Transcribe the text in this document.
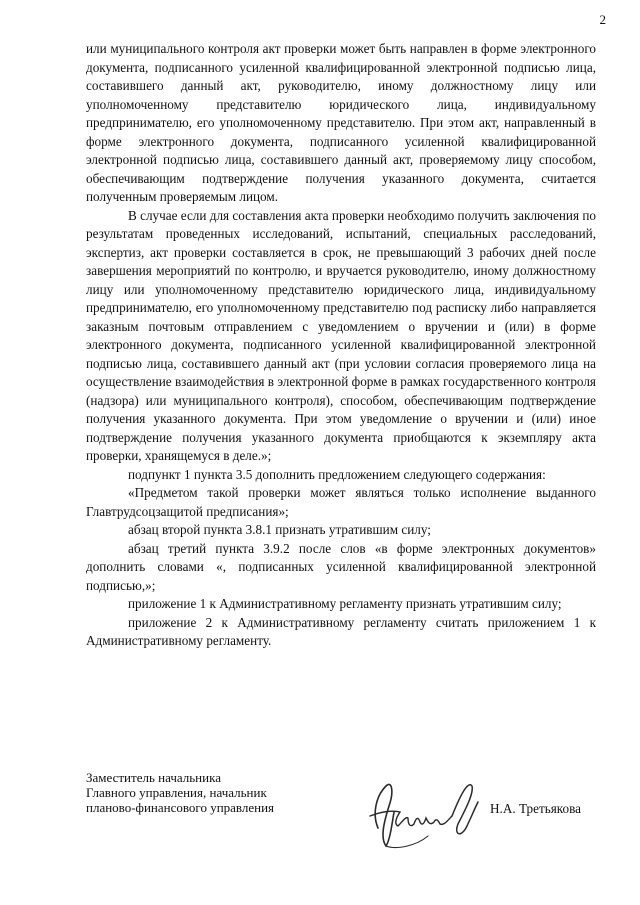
2

или муниципального контроля акт проверки может быть направлен в форме электронного документа, подписанного усиленной квалифицированной электронной подписью лица, составившего данный акт, руководителю, иному должностному лицу или уполномоченному представителю юридического лица, индивидуальному предпринимателю, его уполномоченному представителю. При этом акт, направленный в форме электронного документа, подписанного усиленной квалифицированной электронной подписью лица, составившего данный акт, проверяемому лицу способом, обеспечивающим подтверждение получения указанного документа, считается полученным проверяемым лицом.

В случае если для составления акта проверки необходимо получить заключения по результатам проведенных исследований, испытаний, специальных расследований, экспертиз, акт проверки составляется в срок, не превышающий 3 рабочих дней после завершения мероприятий по контролю, и вручается руководителю, иному должностному лицу или уполномоченному представителю юридического лица, индивидуальному предпринимателю, его уполномоченному представителю под расписку либо направляется заказным почтовым отправлением с уведомлением о вручении и (или) в форме электронного документа, подписанного усиленной квалифицированной электронной подписью лица, составившего данный акт (при условии согласия проверяемого лица на осуществление взаимодействия в электронной форме в рамках государственного контроля (надзора) или муниципального контроля), способом, обеспечивающим подтверждение получения указанного документа. При этом уведомление о вручении и (или) иное подтверждение получения указанного документа приобщаются к экземпляру акта проверки, хранящемуся в деле.»;

подпункт 1 пункта 3.5 дополнить предложением следующего содержания:

«Предметом такой проверки может являться только исполнение выданного Главтрудсоцзащитой предписания»;

абзац второй пункта 3.8.1 признать утратившим силу;

абзац третий пункта 3.9.2 после слов «в форме электронных документов» дополнить словами «, подписанных усиленной квалифицированной электронной подписью,»;

приложение 1 к Административному регламенту признать утратившим силу;

приложение 2 к Административному регламенту считать приложением 1 к Административному регламенту.

Заместитель начальника
Главного управления, начальник
планово-финансового управления	Н.А. Третьякова
